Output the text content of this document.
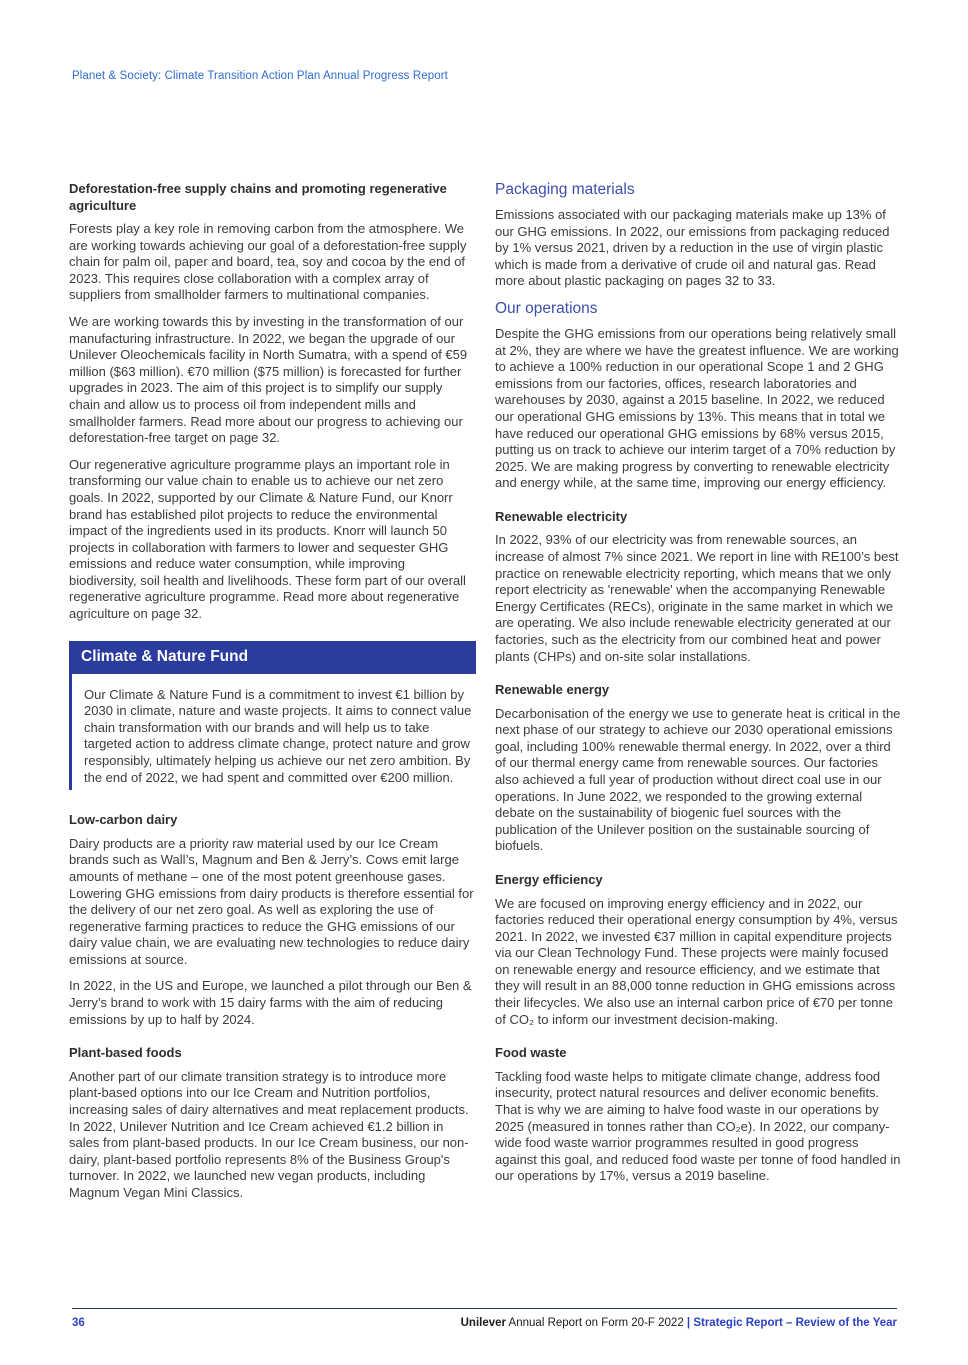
Planet & Society: Climate Transition Action Plan Annual Progress Report
Deforestation-free supply chains and promoting regenerative agriculture

Forests play a key role in removing carbon from the atmosphere. We are working towards achieving our goal of a deforestation-free supply chain for palm oil, paper and board, tea, soy and cocoa by the end of 2023. This requires close collaboration with a complex array of suppliers from smallholder farmers to multinational companies.

We are working towards this by investing in the transformation of our manufacturing infrastructure. In 2022, we began the upgrade of our Unilever Oleochemicals facility in North Sumatra, with a spend of €59 million ($63 million). €70 million ($75 million) is forecasted for further upgrades in 2023. The aim of this project is to simplify our supply chain and allow us to process oil from independent mills and smallholder farmers. Read more about our progress to achieving our deforestation-free target on page 32.

Our regenerative agriculture programme plays an important role in transforming our value chain to enable us to achieve our net zero goals. In 2022, supported by our Climate & Nature Fund, our Knorr brand has established pilot projects to reduce the environmental impact of the ingredients used in its products. Knorr will launch 50 projects in collaboration with farmers to lower and sequester GHG emissions and reduce water consumption, while improving biodiversity, soil health and livelihoods. These form part of our overall regenerative agriculture programme. Read more about regenerative agriculture on page 32.

Climate & Nature Fund

Our Climate & Nature Fund is a commitment to invest €1 billion by 2030 in climate, nature and waste projects. It aims to connect value chain transformation with our brands and will help us to take targeted action to address climate change, protect nature and grow responsibly, ultimately helping us achieve our net zero ambition. By the end of 2022, we had spent and committed over €200 million.

Low-carbon dairy

Dairy products are a priority raw material used by our Ice Cream brands such as Wall’s, Magnum and Ben & Jerry’s. Cows emit large amounts of methane – one of the most potent greenhouse gases. Lowering GHG emissions from dairy products is therefore essential for the delivery of our net zero goal. As well as exploring the use of regenerative farming practices to reduce the GHG emissions of our dairy value chain, we are evaluating new technologies to reduce dairy emissions at source.

In 2022, in the US and Europe, we launched a pilot through our Ben & Jerry’s brand to work with 15 dairy farms with the aim of reducing emissions by up to half by 2024.

Plant-based foods

Another part of our climate transition strategy is to introduce more plant-based options into our Ice Cream and Nutrition portfolios, increasing sales of dairy alternatives and meat replacement products. In 2022, Unilever Nutrition and Ice Cream achieved €1.2 billion in sales from plant-based products. In our Ice Cream business, our non-dairy, plant-based portfolio represents 8% of the Business Group's turnover. In 2022, we launched new vegan products, including Magnum Vegan Mini Classics.

Packaging materials

Emissions associated with our packaging materials make up 13% of our GHG emissions. In 2022, our emissions from packaging reduced by 1% versus 2021, driven by a reduction in the use of virgin plastic which is made from a derivative of crude oil and natural gas. Read more about plastic packaging on pages 32 to 33.

Our operations

Despite the GHG emissions from our operations being relatively small at 2%, they are where we have the greatest influence. We are working to achieve a 100% reduction in our operational Scope 1 and 2 GHG emissions from our factories, offices, research laboratories and warehouses by 2030, against a 2015 baseline. In 2022, we reduced our operational GHG emissions by 13%. This means that in total we have reduced our operational GHG emissions by 68% versus 2015, putting us on track to achieve our interim target of a 70% reduction by 2025. We are making progress by converting to renewable electricity and energy while, at the same time, improving our energy efficiency.

Renewable electricity

In 2022, 93% of our electricity was from renewable sources, an increase of almost 7% since 2021. We report in line with RE100’s best practice on renewable electricity reporting, which means that we only report electricity as 'renewable' when the accompanying Renewable Energy Certificates (RECs), originate in the same market in which we are operating. We also include renewable electricity generated at our factories, such as the electricity from our combined heat and power plants (CHPs) and on-site solar installations.

Renewable energy

Decarbonisation of the energy we use to generate heat is critical in the next phase of our strategy to achieve our 2030 operational emissions goal, including 100% renewable thermal energy. In 2022, over a third of our thermal energy came from renewable sources. Our factories also achieved a full year of production without direct coal use in our operations. In June 2022, we responded to the growing external debate on the sustainability of biogenic fuel sources with the publication of the Unilever position on the sustainable sourcing of biofuels.

Energy efficiency

We are focused on improving energy efficiency and in 2022, our factories reduced their operational energy consumption by 4%, versus 2021. In 2022, we invested €37 million in capital expenditure projects via our Clean Technology Fund. These projects were mainly focused on renewable energy and resource efficiency, and we estimate that they will result in an 88,000 tonne reduction in GHG emissions across their lifecycles. We also use an internal carbon price of €70 per tonne of CO₂ to inform our investment decision-making.

Food waste

Tackling food waste helps to mitigate climate change, address food insecurity, protect natural resources and deliver economic benefits. That is why we are aiming to halve food waste in our operations by 2025 (measured in tonnes rather than CO₂e). In 2022, our company-wide food waste warrior programmes resulted in good progress against this goal, and reduced food waste per tonne of food handled in our operations by 17%, versus a 2019 baseline.

36	Unilever Annual Report on Form 20-F 2022 | Strategic Report – Review of the Year
